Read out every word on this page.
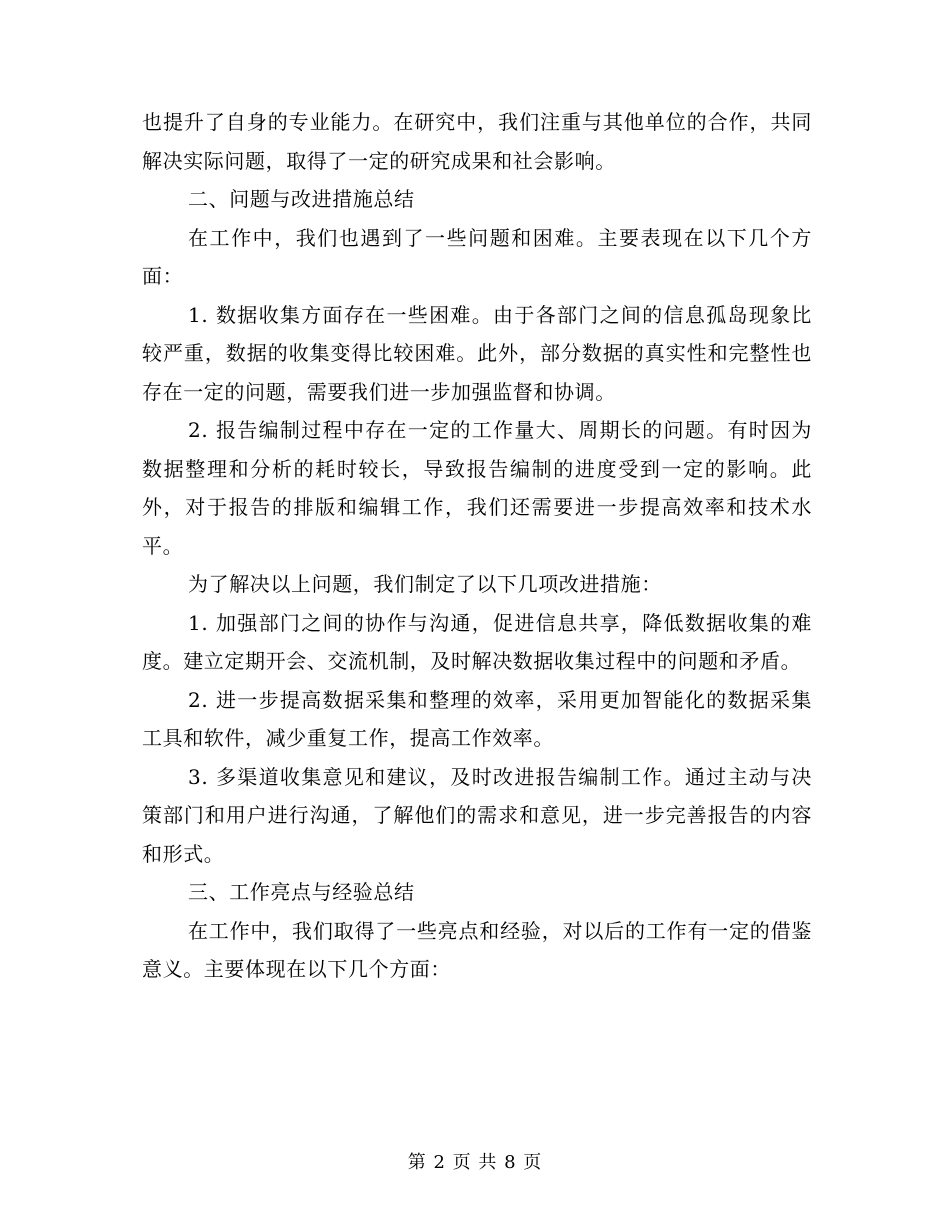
也提升了自身的专业能力。在研究中，我们注重与其他单位的合作，共同解决实际问题，取得了一定的研究成果和社会影响。

二、问题与改进措施总结

在工作中，我们也遇到了一些问题和困难。主要表现在以下几个方面：

1. 数据收集方面存在一些困难。由于各部门之间的信息孤岛现象比较严重，数据的收集变得比较困难。此外，部分数据的真实性和完整性也存在一定的问题，需要我们进一步加强监督和协调。

2. 报告编制过程中存在一定的工作量大、周期长的问题。有时因为数据整理和分析的耗时较长，导致报告编制的进度受到一定的影响。此外，对于报告的排版和编辑工作，我们还需要进一步提高效率和技术水平。

为了解决以上问题，我们制定了以下几项改进措施：

1. 加强部门之间的协作与沟通，促进信息共享，降低数据收集的难度。建立定期开会、交流机制，及时解决数据收集过程中的问题和矛盾。

2. 进一步提高数据采集和整理的效率，采用更加智能化的数据采集工具和软件，减少重复工作，提高工作效率。

3. 多渠道收集意见和建议，及时改进报告编制工作。通过主动与决策部门和用户进行沟通，了解他们的需求和意见，进一步完善报告的内容和形式。

三、工作亮点与经验总结

在工作中，我们取得了一些亮点和经验，对以后的工作有一定的借鉴意义。主要体现在以下几个方面：

第 2 页 共 8 页
